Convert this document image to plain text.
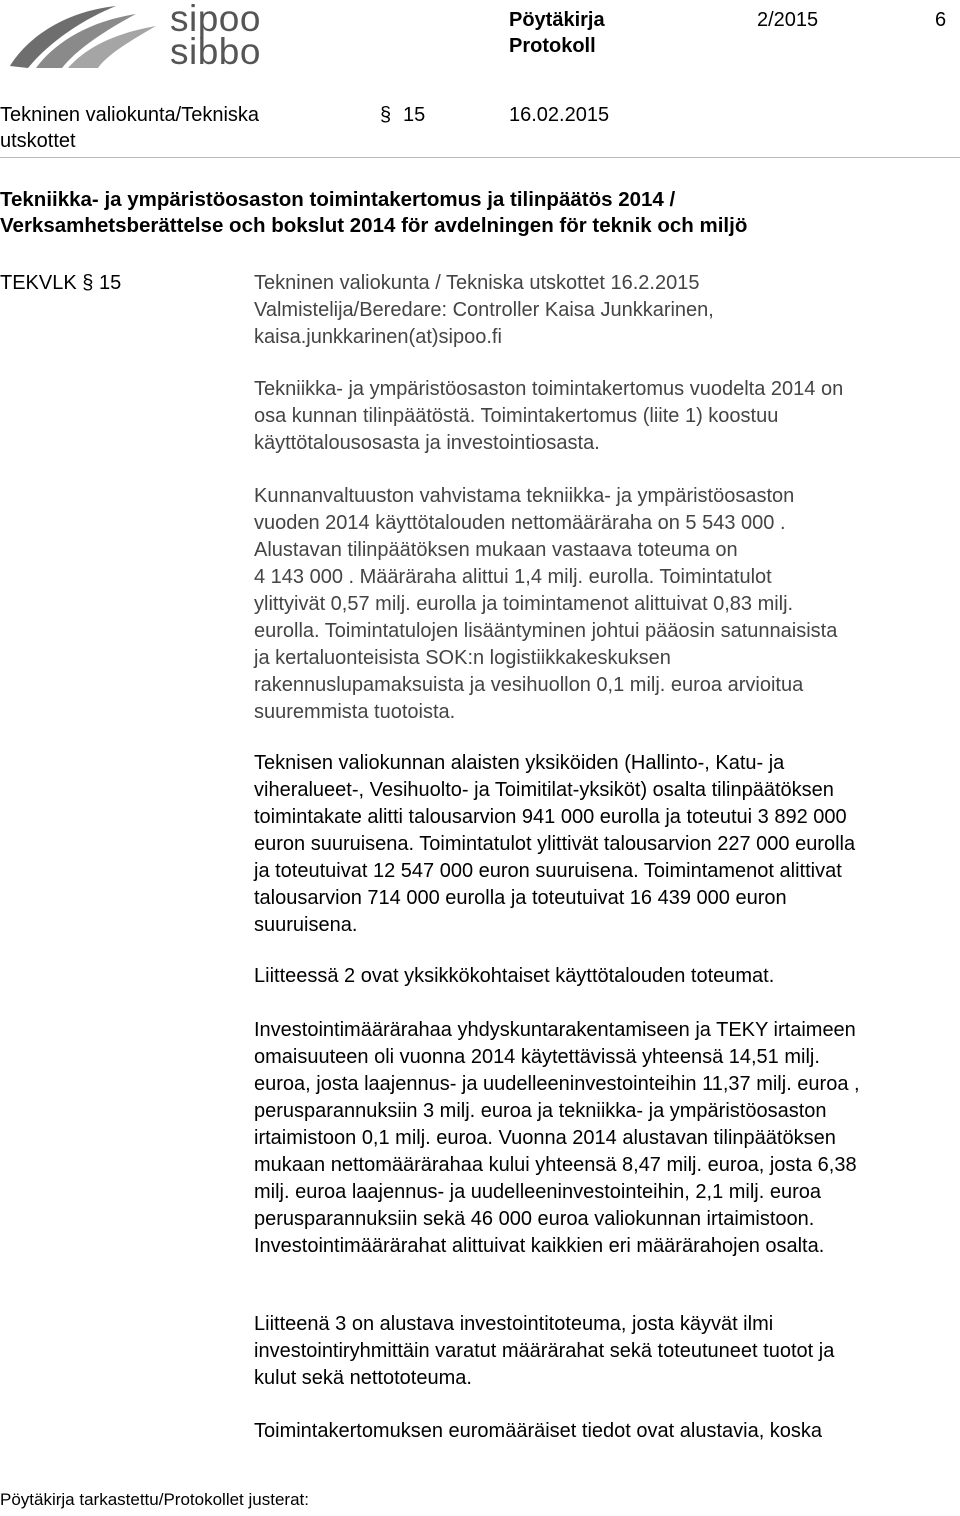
sipoo
sibbo
Pöytäkirja
Protokoll
2/2015	6
Tekninen valiokunta/Tekniska
utskottet
§ 15	16.02.2015
Tekniikka- ja ympäristöosaston toimintakertomus ja tilinpäätös 2014 /
Verksamhetsberättelse och bokslut 2014 för avdelningen för teknik och miljö
TEKVLK § 15	Tekninen valiokunta / Tekniska utskottet 16.2.2015
Valmistelija/Beredare: Controller Kaisa Junkkarinen,
kaisa.junkkarinen(at)sipoo.fi
Tekniikka- ja ympäristöosaston toimintakertomus vuodelta 2014 on
osa kunnan tilinpäätöstä. Toimintakertomus (liite 1) koostuu
käyttötalousosasta ja investointiosasta.
Kunnanvaltuuston vahvistama tekniikka- ja ympäristöosaston
vuoden 2014 käyttötalouden nettomääräraha on 5 543 000 .
Alustavan tilinpäätöksen mukaan vastaava toteuma on
4 143 000 . Määräraha alittui 1,4 milj. eurolla. Toimintatulot
ylittyivät 0,57 milj. eurolla ja toimintamenot alittuivat 0,83 milj.
eurolla. Toimintatulojen lisääntyminen johtui pääosin satunnaisista
ja kertaluonteisista SOK:n logistiikkakeskuksen
rakennuslupamaksuista ja vesihuollon 0,1 milj. euroa arvioitua
suuremmista tuotoista.
Teknisen valiokunnan alaisten yksiköiden (Hallinto-, Katu- ja
viheralueet-, Vesihuolto- ja Toimitilat-yksiköt) osalta tilinpäätöksen
toimintakate alitti talousarvion 941 000 eurolla ja toteutui 3 892 000
euron suuruisena. Toimintatulot ylittivät talousarvion 227 000 eurolla
ja toteutuivat 12 547 000 euron suuruisena. Toimintamenot alittivat
talousarvion 714 000 eurolla ja toteutuivat 16 439 000 euron
suuruisena.
Liitteessä 2 ovat yksikkökohtaiset käyttötalouden toteumat.
Investointimäärärahaa yhdyskuntarakentamiseen ja TEKY irtaimeen
omaisuuteen oli vuonna 2014 käytettävissä yhteensä 14,51 milj.
euroa, josta laajennus- ja uudelleeninvestointeihin 11,37 milj. euroa ,
perusparannuksiin 3 milj. euroa ja tekniikka- ja ympäristöosaston
irtaimistoon 0,1 milj. euroa. Vuonna 2014 alustavan tilinpäätöksen
mukaan nettomäärärahaa kului yhteensä 8,47 milj. euroa, josta 6,38
milj. euroa laajennus- ja uudelleeninvestointeihin, 2,1 milj. euroa
perusparannuksiin sekä 46 000 euroa valiokunnan irtaimistoon.
Investointimäärärahat alittuivat kaikkien eri määrärahojen osalta.
Liitteenä 3 on alustava investointitoteuma, josta käyvät ilmi
investointiryhmittäin varatut määrärahat sekä toteutuneet tuotot ja
kulut sekä nettototeuma.
Toimintakertomuksen euromääräiset tiedot ovat alustavia, koska
Pöytäkirja tarkastettu/Protokollet justerat:
